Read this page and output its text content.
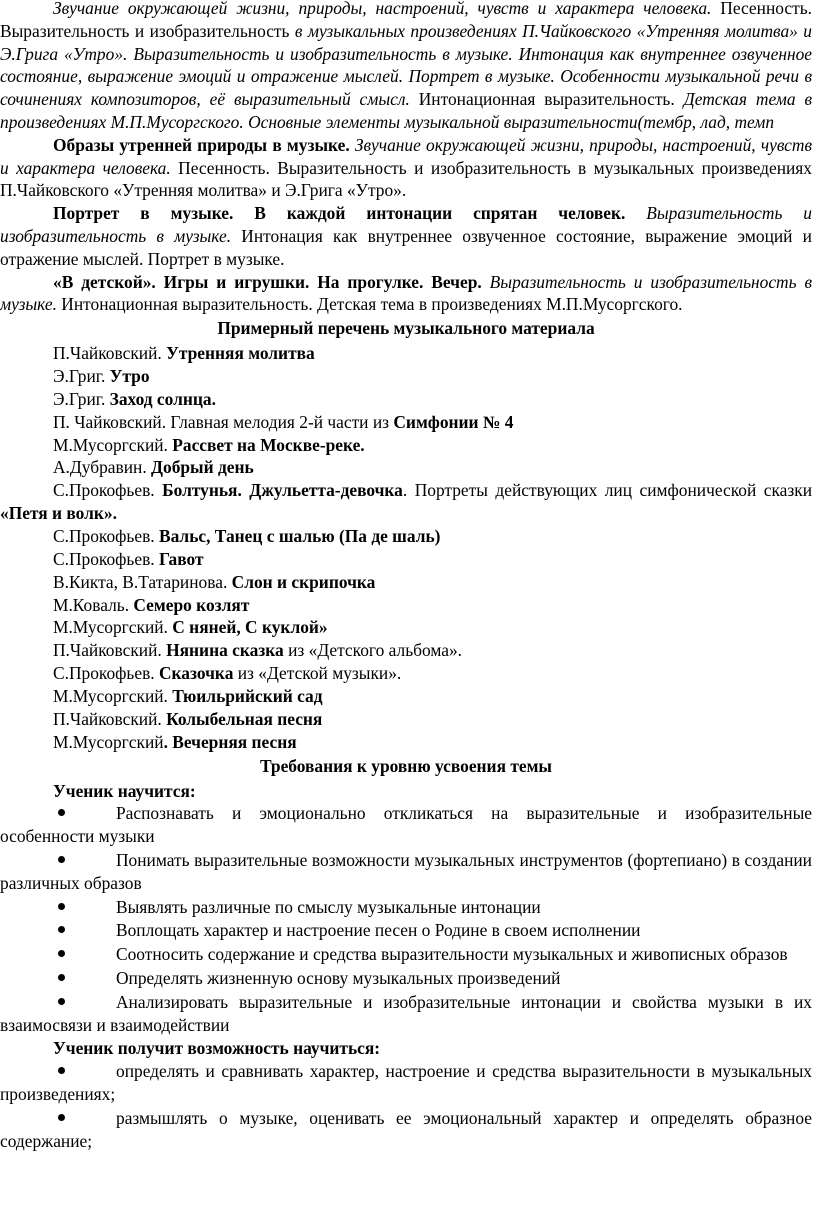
Звучание окружающей жизни, природы, настроений, чувств и характера человека. Песенность. Выразительность и изобразительность в музыкальных произведениях П.Чайковского «Утренняя молитва» и Э.Грига «Утро». Выразительность и изобразительность в музыке. Интонация как внутреннее озвученное состояние, выражение эмоций и отражение мыслей. Портрет в музыке. Особенности музыкальной речи в сочинениях композиторов, её выразительный смысл. Интонационная выразительность. Детская тема в произведениях М.П.Мусоргского. Основные элементы музыкальной выразительности(тембр, лад, темп

Образы утренней природы в музыке. Звучание окружающей жизни, природы, настроений, чувств и характера человека. Песенность. Выразительность и изобразительность в музыкальных произведениях П.Чайковского «Утренняя молитва» и Э.Грига «Утро».

Портрет в музыке. В каждой интонации спрятан человек. Выразительность и изобразительность в музыке. Интонация как внутреннее озвученное состояние, выражение эмоций и отражение мыслей. Портрет в музыке.

«В детской». Игры и игрушки. На прогулке. Вечер. Выразительность и изобразительность в музыке. Интонационная выразительность. Детская тема в произведениях М.П.Мусоргского.

Примерный перечень музыкального материала

П.Чайковский. Утренняя молитва

Э.Григ. Утро

Э.Григ. Заход солнца.

П. Чайковский. Главная мелодия 2-й части из Симфонии № 4

М.Мусоргский. Рассвет на Москве-реке.

А.Дубравин. Добрый день

С.Прокофьев. Болтунья. Джульетта-девочка. Портреты действующих лиц симфонической сказки «Петя и волк».

С.Прокофьев. Вальс, Танец с шалью (Па де шаль)

С.Прокофьев. Гавот

В.Кикта, В.Татаринова. Слон и скрипочка

М.Коваль. Семеро козлят

М.Мусоргский. С няней, С куклой»

П.Чайковский. Нянина сказка из «Детского альбома».

С.Прокофьев. Сказочка из «Детской музыки».

М.Мусоргский. Тюильрийский сад

П.Чайковский. Колыбельная песня

М.Мусоргский. Вечерняя песня

Требования к уровню усвоения темы

Ученик научится:

Распознавать и эмоционально откликаться на выразительные и изобразительные особенности музыки
Понимать выразительные возможности музыкальных инструментов (фортепиано) в создании различных образов
Выявлять различные по смыслу музыкальные интонации
Воплощать характер и настроение песен о Родине в своем исполнении
Соотносить содержание и средства выразительности музыкальных и живописных образов
Определять жизненную основу музыкальных произведений
Анализировать выразительные и изобразительные интонации и свойства музыки в их взаимосвязи и взаимодействии

Ученик получит возможность научиться:

определять и сравнивать характер, настроение и средства выразительности в музыкальных произведениях;
размышлять о музыке, оценивать ее эмоциональный характер и определять образное содержание;
